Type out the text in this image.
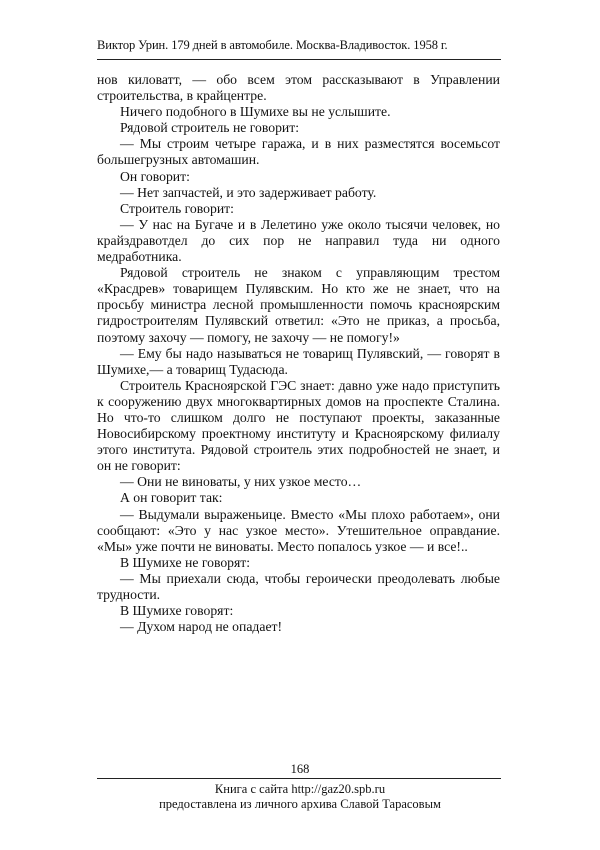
Виктор Урин. 179 дней в автомобиле. Москва-Владивосток. 1958 г.

нов киловатт, — обо всем этом рассказывают в Управлении строительства, в крайцентре.

Ничего подобного в Шумихе вы не услышите.

Рядовой строитель не говорит:

— Мы строим четыре гаража, и в них разместятся восемьсот большегрузных автомашин.

Он говорит:

— Нет запчастей, и это задерживает работу.

Строитель говорит:

— У нас на Бугаче и в Лелетино уже около тысячи человек, но крайздравотдел до сих пор не направил туда ни одного медработника.

Рядовой строитель не знаком с управляющим трестом «Красдрев» товарищем Пулявским. Но кто же не знает, что на просьбу министра лесной промышленности помочь красноярским гидростроителям Пулявский ответил: «Это не приказ, а просьба, поэтому захочу — помогу, не захочу — не помогу!»

— Ему бы надо называться не товарищ Пулявский, — говорят в Шумихе,— а товарищ Тудасюда.

Строитель Красноярской ГЭС знает: давно уже надо приступить к сооружению двух многоквартирных домов на проспекте Сталина. Но что-то слишком долго не поступают проекты, заказанные Новосибирскому проектному институту и Красноярскому филиалу этого института. Рядовой строитель этих подробностей не знает, и он не говорит:

— Они не виноваты, у них узкое место…

А он говорит так:

— Выдумали выраженьице. Вместо «Мы плохо работаем», они сообщают: «Это у нас узкое место». Утешительное оправдание. «Мы» уже почти не виноваты. Место попалось узкое — и все!..

В Шумихе не говорят:

— Мы приехали сюда, чтобы героически преодолевать любые трудности.

В Шумихе говорят:

— Духом народ не опадает!

168
Книга с сайта http://gaz20.spb.ru
предоставлена из личного архива Славой Тарасовым
